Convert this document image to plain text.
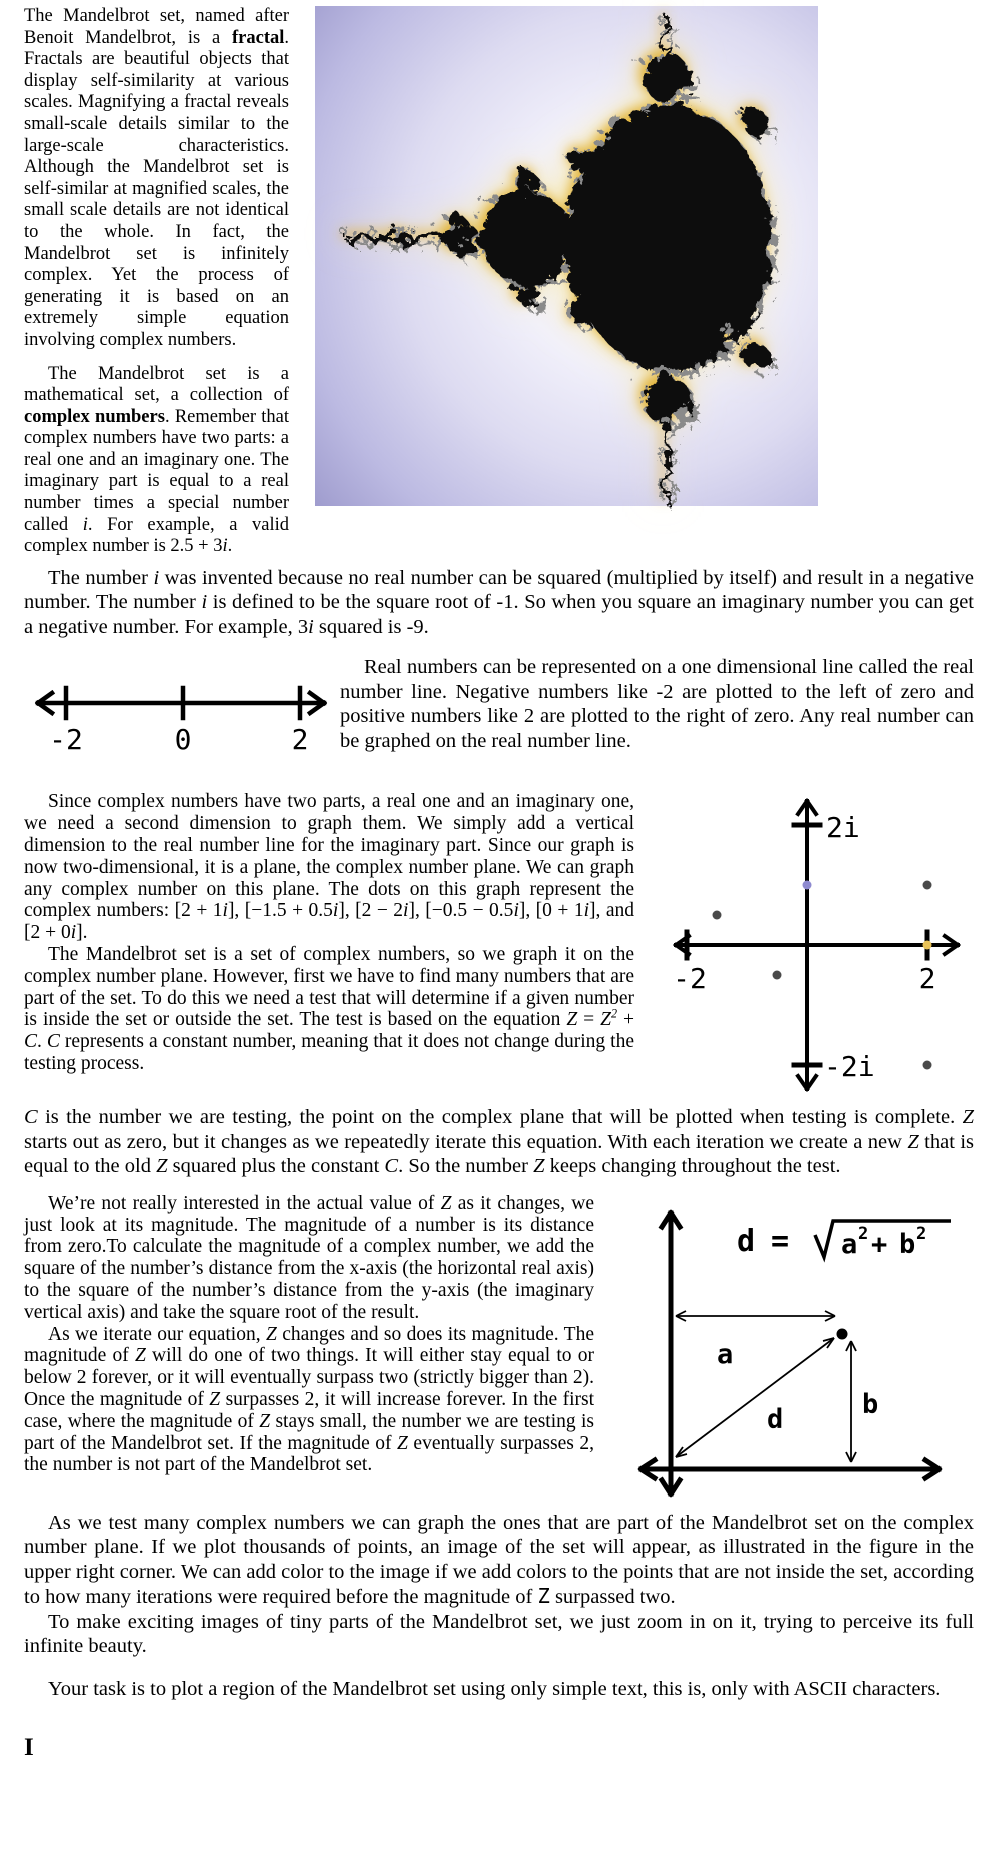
The Mandelbrot set, named after Benoit Mandelbrot, is a fractal. Fractals are beautiful objects that display self-similarity at various scales. Magnifying a fractal reveals small-scale details similar to the large-scale characteristics. Although the Mandelbrot set is self-similar at magnified scales, the small scale details are not identical to the whole. In fact, the Mandelbrot set is infinitely complex. Yet the process of generating it is based on an extremely simple equation involving complex numbers.

The Mandelbrot set is a mathematical set, a collection of complex numbers. Remember that complex numbers have two parts: a real one and an imaginary one. The imaginary part is equal to a real number times a special number called i. For example, a valid complex number is 2.5 + 3i.

The number i was invented because no real number can be squared (multiplied by itself) and result in a negative number. The number i is defined to be the square root of -1. So when you square an imaginary number you can get a negative number. For example, 3i squared is -9.

-2	0	2

Real numbers can be represented on a one dimensional line called the real number line. Negative numbers like -2 are plotted to the left of zero and positive numbers like 2 are plotted to the right of zero. Any real number can be graphed on the real number line.

-2	2
2i
-2i

Since complex numbers have two parts, a real one and an imaginary one, we need a second dimension to graph them. We simply add a vertical dimension to the real number line for the imaginary part. Since our graph is now two-dimensional, it is a plane, the complex number plane. We can graph any complex number on this plane. The dots on this graph represent the complex numbers: [2 + 1i], [−1.5 + 0.5i], [2 − 2i], [−0.5 − 0.5i], [0 + 1i], and [2 + 0i].

The Mandelbrot set is a set of complex numbers, so we graph it on the complex number plane. However, first we have to find many numbers that are part of the set. To do this we need a test that will determine if a given number is inside the set or outside the set. The test is based on the equation $Z = Z^2 + C$. C represents a constant number, meaning that it does not change during the testing process.

C is the number we are testing, the point on the complex plane that will be plotted when testing is complete. Z starts out as zero, but it changes as we repeatedly iterate this equation. With each iteration we create a new Z that is equal to the old Z squared plus the constant C. So the number Z keeps changing throughout the test.

d = a 2 + b 2
a
b
d

We’re not really interested in the actual value of Z as it changes, we just look at its magnitude. The magnitude of a number is its distance from zero.To calculate the magnitude of a complex number, we add the square of the number’s distance from the x-axis (the horizontal real axis) to the square of the number’s distance from the y-axis (the imaginary vertical axis) and take the square root of the result.

As we iterate our equation, Z changes and so does its magnitude. The magnitude of Z will do one of two things. It will either stay equal to or below 2 forever, or it will eventually surpass two (strictly bigger than 2). Once the magnitude of Z surpasses 2, it will increase forever. In the first case, where the magnitude of Z stays small, the number we are testing is part of the Mandelbrot set. If the magnitude of Z eventually surpasses 2, the number is not part of the Mandelbrot set.

As we test many complex numbers we can graph the ones that are part of the Mandelbrot set on the complex number plane. If we plot thousands of points, an image of the set will appear, as illustrated in the figure in the upper right corner. We can add color to the image if we add colors to the points that are not inside the set, according to how many iterations were required before the magnitude of Z surpassed two.

To make exciting images of tiny parts of the Mandelbrot set, we just zoom in on it, trying to perceive its full infinite beauty.

Your task is to plot a region of the Mandelbrot set using only simple text, this is, only with ASCII characters.

I
